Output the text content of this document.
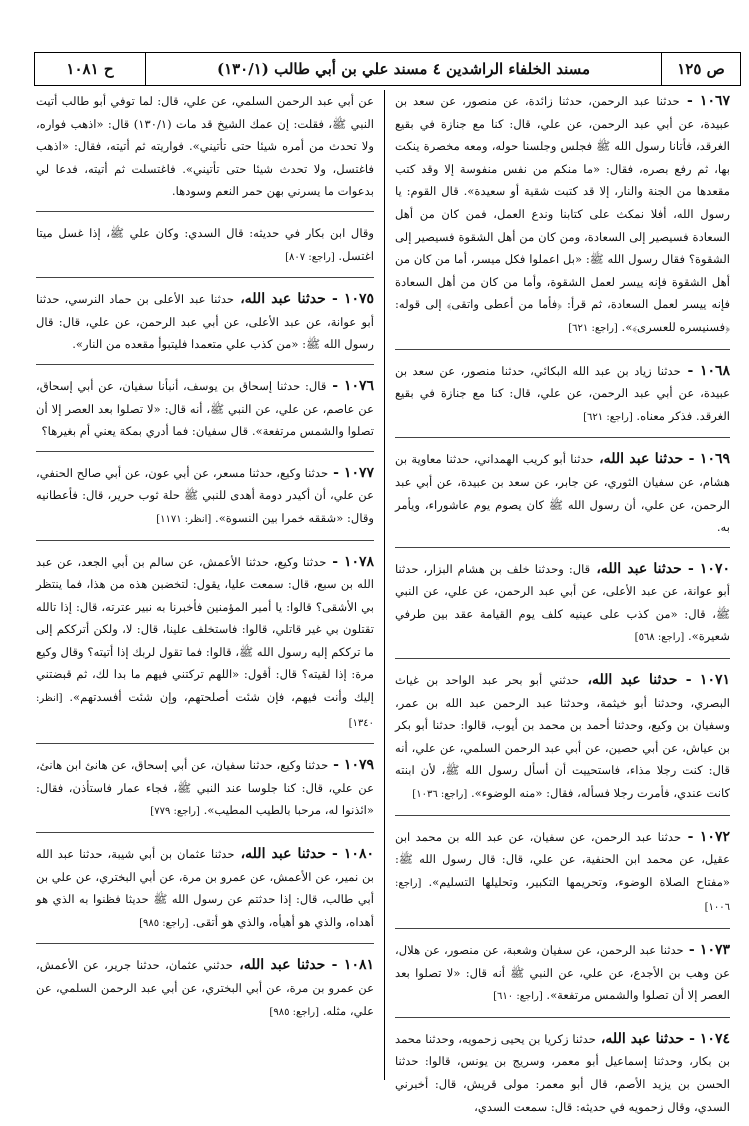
ص ١٢٥
مسند الخلفاء الراشدين ٤ مسند علي بن أبي طالب (١٣٠/١)
ح ١٠٨١

١٠٦٧ - حدثنا عبد الرحمن، حدثنا زائدة، عن منصور، عن سعد بن عبيدة، عن أبي عبد الرحمن، عن علي، قال: كنا مع جنازة في بقيع الغرقد، فأتانا رسول الله ﷺ فجلس وجلسنا حوله، ومعه مخصرة ينكت بها، ثم رفع بصره، فقال: «ما منكم من نفس منفوسة إلا وقد كتب مقعدها من الجنة والنار، إلا قد كتبت شقية أو سعيدة». قال القوم: يا رسول الله، أفلا نمكث على كتابنا وندع العمل، فمن كان من أهل السعادة فسيصير إلى السعادة، ومن كان من أهل الشقوة فسيصير إلى الشقوة؟ فقال رسول الله ﷺ: «بل اعملوا فكل ميسر، أما من كان من أهل الشقوة فإنه ييسر لعمل الشقوة، وأما من كان من أهل السعادة فإنه ييسر لعمل السعادة، ثم قرأ: ﴿فأما من أعطى واتقى﴾ إلى قوله: ﴿فسنيسره للعسرى﴾». [راجع: ٦٢١]

١٠٦٨ - حدثنا زياد بن عبد الله البكائي، حدثنا منصور، عن سعد بن عبيدة، عن أبي عبد الرحمن، عن علي، قال: كنا مع جنازة في بقيع الغرقد. فذكر معناه. [راجع: ٦٢١]

١٠٦٩ - حدثنا عبد الله، حدثنا أبو كريب الهمداني، حدثنا معاوية بن هشام، عن سفيان الثوري، عن جابر، عن سعد بن عبيدة، عن أبي عبد الرحمن، عن علي، أن رسول الله ﷺ كان يصوم يوم عاشوراء، ويأمر به.

١٠٧٠ - حدثنا عبد الله، قال: وحدثنا خلف بن هشام البزار، حدثنا أبو عوانة، عن عبد الأعلى، عن أبي عبد الرحمن، عن علي، عن النبي ﷺ، قال: «من كذب على عينيه كلف يوم القيامة عقد بين طرفي شعيرة». [راجع: ٥٦٨]

١٠٧١ - حدثنا عبد الله، حدثني أبو بحر عبد الواحد بن غياث البصري، وحدثنا أبو خيثمة، وحدثنا عبد الرحمن عبد الله بن عمر، وسفيان بن وكيع، وحدثنا أحمد بن محمد بن أيوب، قالوا: حدثنا أبو بكر بن عياش، عن أبي حصين، عن أبي عبد الرحمن السلمي، عن علي، أنه قال: كنت رجلا مذاء، فاستحييت أن أسأل رسول الله ﷺ، لأن ابنته كانت عندي، فأمرت رجلا فسأله، فقال: «منه الوضوء». [راجع: ١٠٣٦]

١٠٧٢ - حدثنا عبد الرحمن، عن سفيان، عن عبد الله بن محمد ابن عقيل، عن محمد ابن الحنفية، عن علي، قال: قال رسول الله ﷺ: «مفتاح الصلاة الوضوء، وتحريمها التكبير، وتحليلها التسليم». [راجع: ١٠٠٦]

١٠٧٣ - حدثنا عبد الرحمن، عن سفيان وشعبة، عن منصور، عن هلال، عن وهب بن الأجدع، عن علي، عن النبي ﷺ أنه قال: «لا تصلوا بعد العصر إلا أن تصلوا والشمس مرتفعة». [راجع: ٦١٠]

١٠٧٤ - حدثنا عبد الله، حدثنا زكريا بن يحيى زحمويه، وحدثنا محمد بن بكار، وحدثنا إسماعيل أبو معمر، وسريج بن يونس، قالوا: حدثنا الحسن بن يزيد الأصم، قال أبو معمر: مولى قريش، قال: أخبرني السدي، وقال زحمويه في حديثه: قال: سمعت السدي،

عن أبي عبد الرحمن السلمي، عن علي، قال: لما توفي أبو طالب أتيت النبي ﷺ، فقلت: إن عمك الشيخ قد مات (١٣٠/١) قال: «اذهب فواره، ولا تحدث من أمره شيئا حتى تأتيني». فواريته ثم أتيته، فقال: «اذهب فاغتسل، ولا تحدث شيئا حتى تأتيني». فاغتسلت ثم أتيته، فدعا لي بدعوات ما يسرني بهن حمر النعم وسودها.

وقال ابن بكار في حديثه: قال السدي: وكان علي ﷺ، إذا غسل ميتا اغتسل. [راجع: ٨٠٧]

١٠٧٥ - حدثنا عبد الله، حدثنا عبد الأعلى بن حماد النرسي، حدثنا أبو عوانة، عن عبد الأعلى، عن أبي عبد الرحمن، عن علي، قال: قال رسول الله ﷺ: «من كذب علي متعمدا فليتبوأ مقعده من النار».

١٠٧٦ - قال: حدثنا إسحاق بن يوسف، أنبأنا سفيان، عن أبي إسحاق، عن عاصم، عن علي، عن النبي ﷺ، أنه قال: «لا تصلوا بعد العصر إلا أن تصلوا والشمس مرتفعة». قال سفيان: فما أدري بمكة يعني أم بغيرها؟

١٠٧٧ - حدثنا وكيع، حدثنا مسعر، عن أبي عون، عن أبي صالح الحنفي، عن علي، أن أكيدر دومة أهدى للنبي ﷺ حلة ثوب حرير، قال: فأعطانيه وقال: «شققه خمرا بين النسوة». [انظر: ١١٧١]

١٠٧٨ - حدثنا وكيع، حدثنا الأعمش، عن سالم بن أبي الجعد، عن عبد الله بن سبع، قال: سمعت عليا، يقول: لتخضبن هذه من هذا، فما ينتظر بي الأشقى؟ قالوا: يا أمير المؤمنين فأخبرنا به نبير عترته، قال: إذا تالله تقتلون بي غير قاتلي، قالوا: فاستخلف علينا، قال: لا، ولكن أترككم إلى ما ترككم إليه رسول الله ﷺ، قالوا: فما تقول لربك إذا أتيته؟ وقال وكيع مرة: إذا لقيته؟ قال: أقول: «اللهم تركتني فيهم ما بدا لك، ثم قبضتني إليك وأنت فيهم، فإن شئت أصلحتهم، وإن شئت أفسدتهم». [انظر: ١٣٤٠]

١٠٧٩ - حدثنا وكيع، حدثنا سفيان، عن أبي إسحاق، عن هانئ ابن هانئ، عن علي، قال: كنا جلوسا عند النبي ﷺ، فجاء عمار فاستأذن، فقال: «ائذنوا له، مرحبا بالطيب المطيب». [راجع: ٧٧٩]

١٠٨٠ - حدثنا عبد الله، حدثنا عثمان بن أبي شيبة، حدثنا عبد الله بن نمير، عن الأعمش، عن عمرو بن مرة، عن أبي البختري، عن علي بن أبي طالب، قال: إذا حدثتم عن رسول الله ﷺ حديثا فظنوا به الذي هو أهداه، والذي هو أهيأه، والذي هو أتقى. [راجع: ٩٨٥]

١٠٨١ - حدثنا عبد الله، حدثني عثمان، حدثنا جرير، عن الأعمش، عن عمرو بن مرة، عن أبي البختري، عن أبي عبد الرحمن السلمي، عن علي، مثله. [راجع: ٩٨٥]
